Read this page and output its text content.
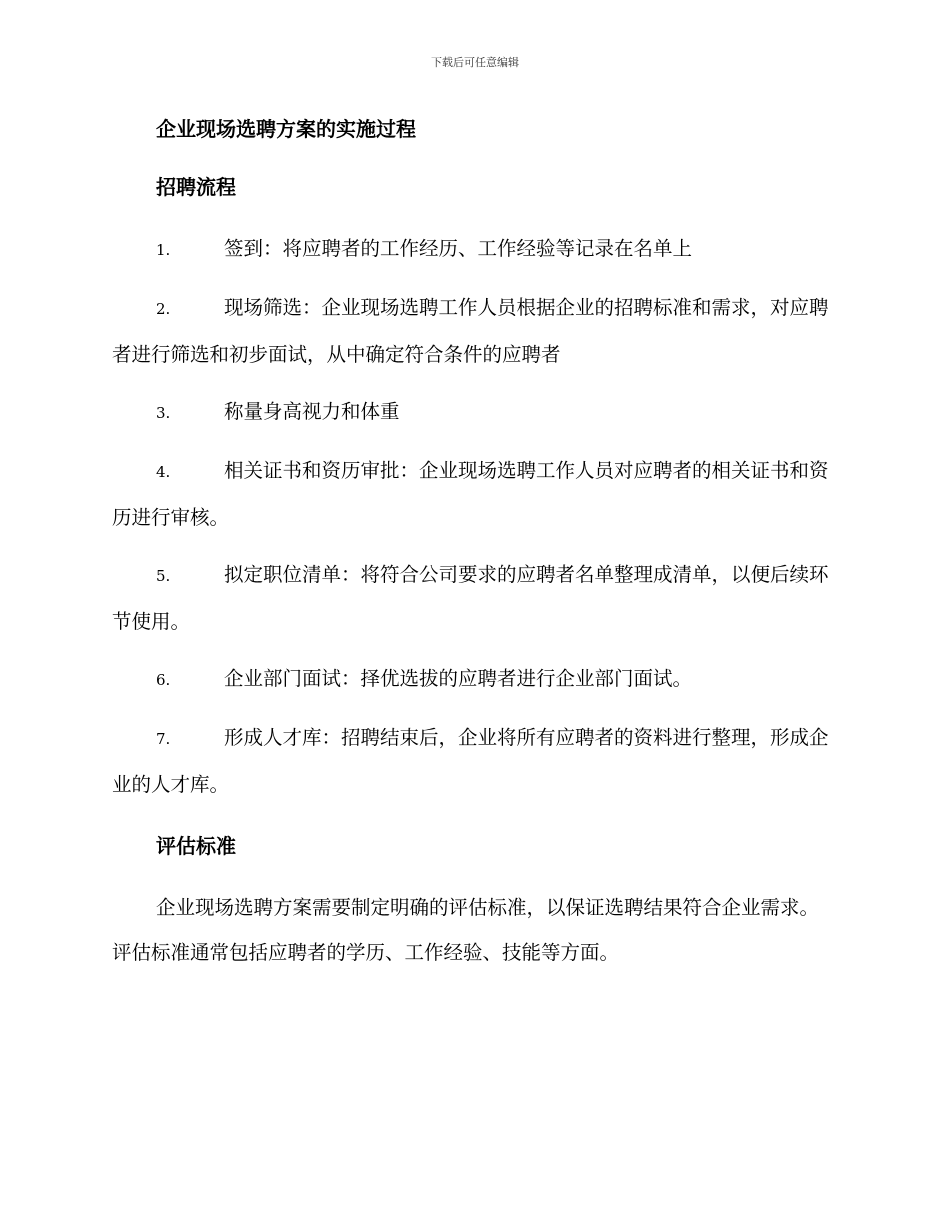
下载后可任意编辑
企业现场选聘方案的实施过程
招聘流程
1.	签到：将应聘者的工作经历、工作经验等记录在名单上
2.	现场筛选：企业现场选聘工作人员根据企业的招聘标准和需求，对应聘者进行筛选和初步面试，从中确定符合条件的应聘者
3.	称量身高视力和体重
4.	相关证书和资历审批：企业现场选聘工作人员对应聘者的相关证书和资历进行审核。
5.	拟定职位清单：将符合公司要求的应聘者名单整理成清单，以便后续环节使用。
6.	企业部门面试：择优选拔的应聘者进行企业部门面试。
7.	形成人才库：招聘结束后，企业将所有应聘者的资料进行整理，形成企业的人才库。
评估标准

企业现场选聘方案需要制定明确的评估标准，以保证选聘结果符合企业需求。评估标准通常包括应聘者的学历、工作经验、技能等方面。
